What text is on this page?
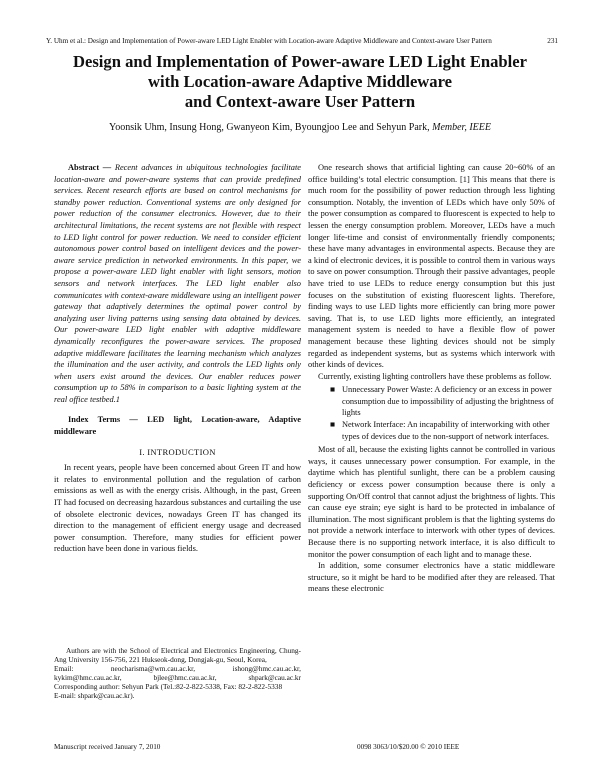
Y. Uhm et al.: Design and Implementation of Power-aware LED Light Enabler with Location-aware Adaptive Middleware and Context-aware User Pattern	231
Design and Implementation of Power-aware LED Light Enabler
with Location-aware Adaptive Middleware
and Context-aware User Pattern
Yoonsik Uhm, Insung Hong, Gwanyeon Kim, Byoungjoo Lee and Sehyun Park, Member, IEEE

Abstract — Recent advances in ubiquitous technologies facilitate location-aware and power-aware systems that can provide predefined services. Recent research efforts are based on control mechanisms for standby power reduction. Conventional systems are only designed for power reduction of the consumer electronics. However, due to their architectural limitations, the recent systems are not flexible with respect to LED light control for power reduction. We need to consider efficient autonomous power control based on intelligent devices and the power-aware service prediction in networked environments. In this paper, we propose a power-aware LED light enabler with light sensors, motion sensors and network interfaces. The LED light enabler also communicates with context-aware middleware using an intelligent power gateway that adaptively determines the optimal power control by analyzing user living patterns using sensing data obtained by devices. Our power-aware LED light enabler with adaptive middleware dynamically reconfigures the power-aware services. The proposed adaptive middleware facilitates the learning mechanism which analyzes the illumination and the user activity, and controls the LED lights only when users exist around the devices. Our enabler reduces power consumption up to 58% in comparison to a basic lighting system at the real office testbed.1

Index Terms — LED light, Location-aware, Adaptive middleware

I. INTRODUCTION

In recent years, people have been concerned about Green IT and how it relates to environmental pollution and the regulation of carbon emissions as well as with the energy crisis. Although, in the past, Green IT had focused on decreasing hazardous substances and curtailing the use of obsolete electronic devices, nowadays Green IT has changed its direction to the management of efficient energy usage and decreased power consumption. Therefore, many studies for efficient power reduction have been done in various fields.

Authors are with the School of Electrical and Electronics Engineering, Chung-Ang University 156-756, 221 Hukseok-dong, Dongjak-gu, Seoul, Korea,

Email:	neocharisma@wm.cau.ac.kr,	ishong@hmc.cau.ac.kr,
kykim@hmc.cau.ac.kr,	bjlee@hmc.cau.ac.kr,	shpark@cau.ac.kr

Corresponding author: Sehyun Park (Tel.:82-2-822-5338, Fax: 82-2-822-5338

E-mail: shpark@cau.ac.kr).

One research shows that artificial lighting can cause 20~60% of an office building’s total electric consumption. [1] This means that there is much room for the possibility of power reduction through less lighting consumption. Notably, the invention of LEDs which have only 50% of the power consumption as compared to fluorescent is expected to help to lessen the energy consumption problem. Moreover, LEDs have a much longer life-time and consist of environmentally friendly components; these have many advantages in environmental aspects. Because they are a kind of electronic devices, it is possible to control them in various ways to save on power consumption. Through their passive advantages, people have tried to use LEDs to reduce energy consumption but this just focuses on the substitution of existing fluorescent lights. Therefore, finding ways to use LED lights more efficiently can bring more power saving. That is, to use LED lights more efficiently, an integrated management system is needed to have a flexible flow of power management because these lighting devices should not be simply regarded as independent systems, but as systems which interwork with other kinds of devices.

Currently, existing lighting controllers have these problems as follow.

■ Unnecessary Power Waste: A deficiency or an excess in power consumption due to impossibility of adjusting the brightness of lights
■ Network Interface: An incapability of interworking with other types of devices due to the non-support of network interfaces.

Most of all, because the existing lights cannot be controlled in various ways, it causes unnecessary power consumption. For example, in the daytime which has plentiful sunlight, there can be a problem causing deficiency or excess power consumption because there is only a supporting On/Off control that cannot adjust the brightness of lights. This can cause eye strain; eye sight is hard to be protected in imbalance of illumination. The most significant problem is that the lighting systems do not provide a network interface to interwork with other types of devices. Because there is no supporting network interface, it is also difficult to monitor the power consumption of each light and to manage these.

In addition, some consumer electronics have a static middleware structure, so it might be hard to be modified after they are released. That means these electronic

Manuscript received January 7, 2010	0098 3063/10/$20.00 © 2010 IEEE
